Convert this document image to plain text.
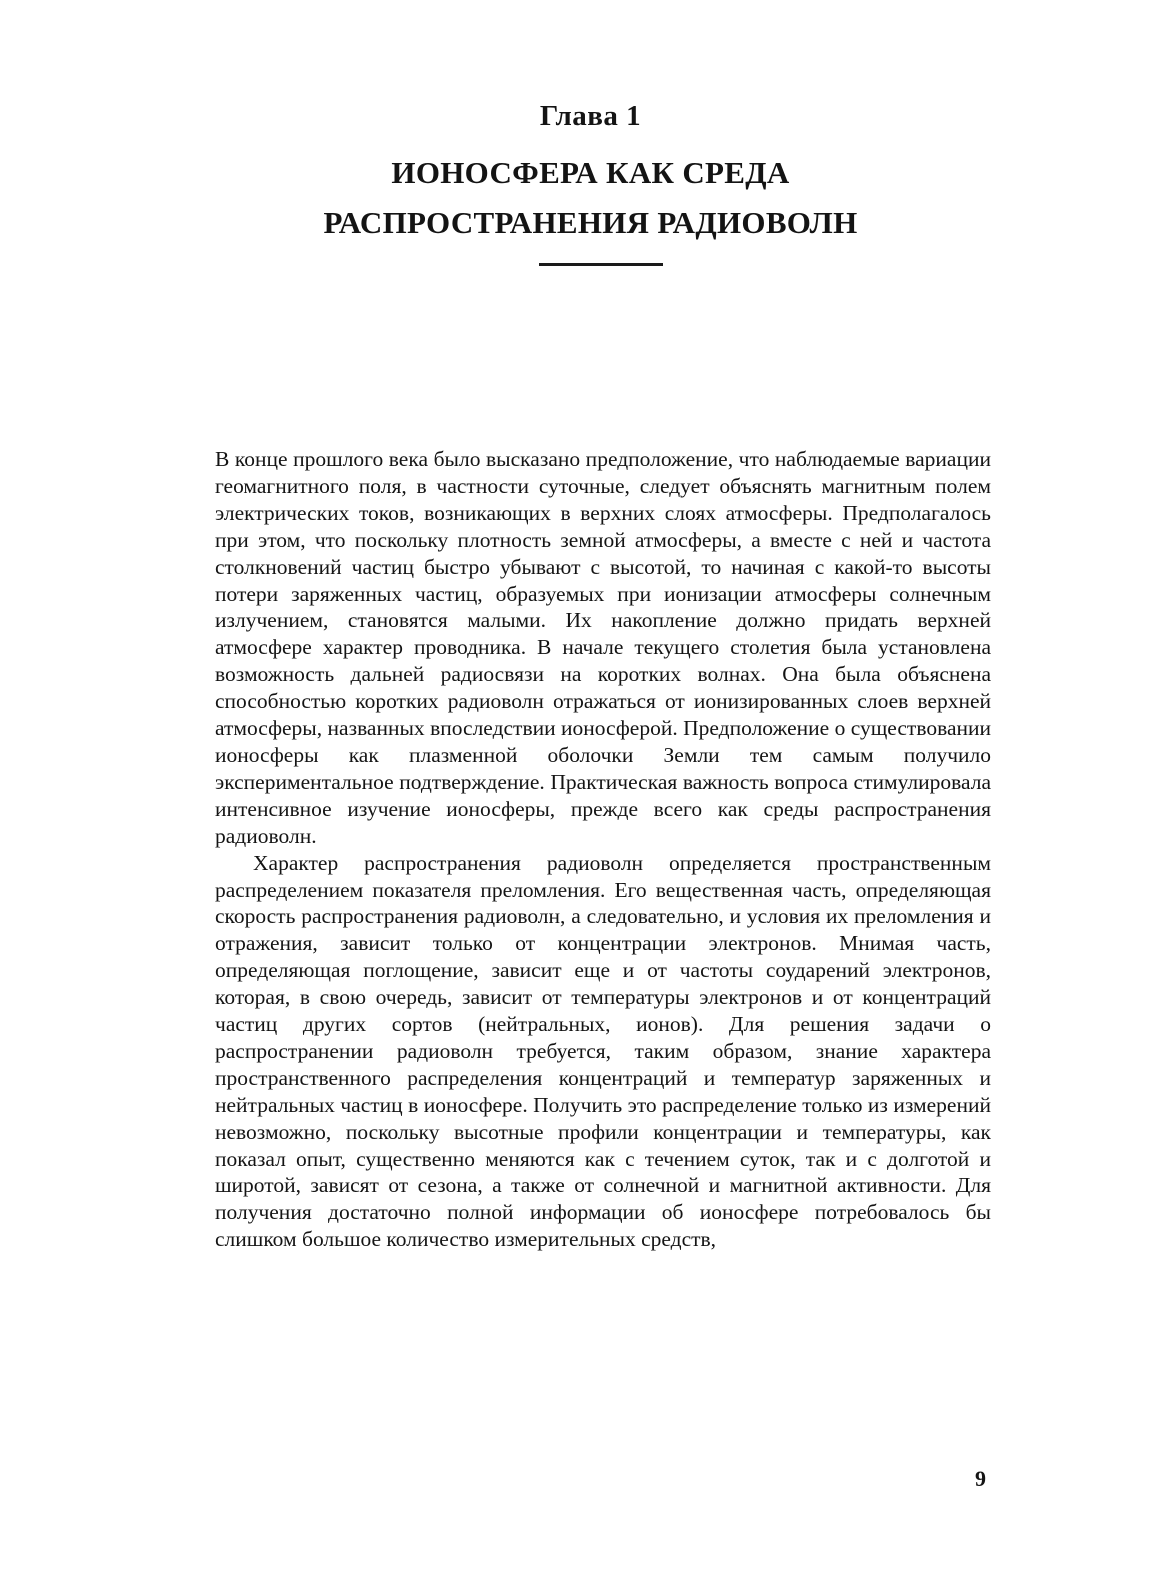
Глава 1
ИОНОСФЕРА КАК СРЕДА
РАСПРОСТРАНЕНИЯ РАДИОВОЛН

В конце прошлого века было высказано предположение, что наблюдаемые вариации геомагнитного поля, в частности суточные, следует объяснять магнитным полем электрических токов, возникающих в верхних слоях атмосферы. Предполагалось при этом, что поскольку плотность земной атмосферы, а вместе с ней и частота столкновений частиц быстро убывают с высотой, то начиная с какой-то высоты потери заряженных частиц, образуемых при ионизации атмосферы солнечным излучением, становятся малыми. Их накопление должно придать верхней атмосфере характер проводника. В начале текущего столетия была установлена возможность дальней радиосвязи на коротких волнах. Она была объяснена способностью коротких радиоволн отражаться от ионизированных слоев верхней атмосферы, названных впоследствии ионосферой. Предположение о существовании ионосферы как плазменной оболочки Земли тем самым получило экспериментальное подтверждение. Практическая важность вопроса стимулировала интенсивное изучение ионосферы, прежде всего как среды распространения радиоволн.

Характер распространения радиоволн определяется пространственным распределением показателя преломления. Его вещественная часть, определяющая скорость распространения радиоволн, а следовательно, и условия их преломления и отражения, зависит только от концентрации электронов. Мнимая часть, определяющая поглощение, зависит еще и от частоты соударений электронов, которая, в свою очередь, зависит от температуры электронов и от концентраций частиц других сортов (нейтральных, ионов). Для решения задачи о распространении радиоволн требуется, таким образом, знание характера пространственного распределения концентраций и температур заряженных и нейтральных частиц в ионосфере. Получить это распределение только из измерений невозможно, поскольку высотные профили концентрации и температуры, как показал опыт, существенно меняются как с течением суток, так и с долготой и широтой, зависят от сезона, а также от солнечной и магнитной активности. Для получения достаточно полной информации об ионосфере потребовалось бы слишком большое количество измерительных средств,

9
